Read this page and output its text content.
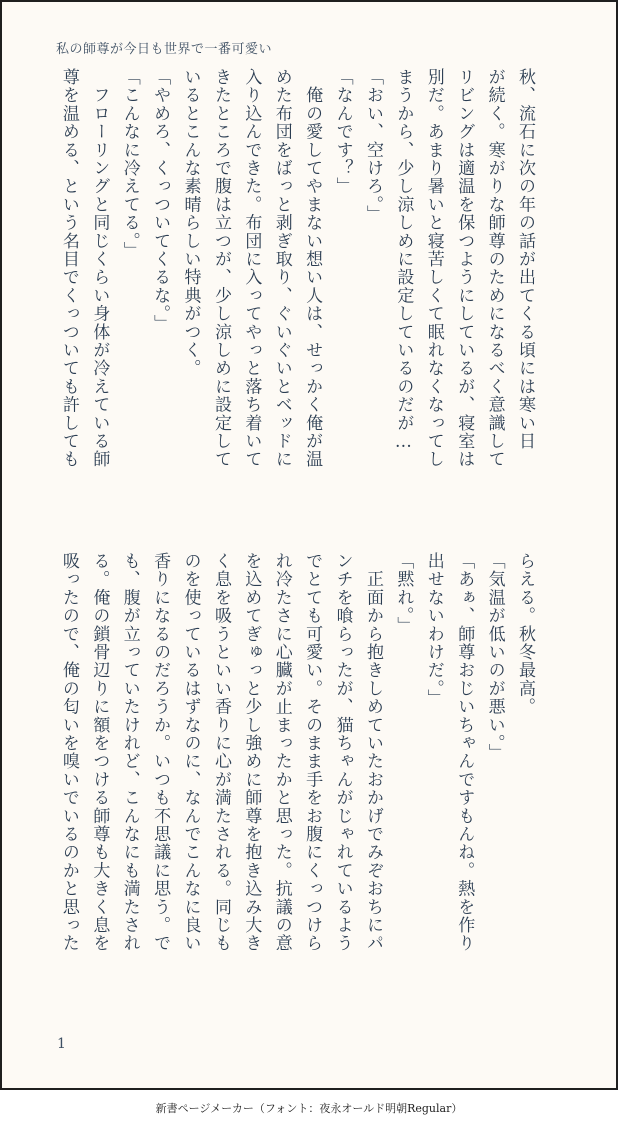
私の師尊が今日も世界で一番可愛い
秋、流石に次の年の話が出てくる頃には寒い日
が続く。寒がりな師尊のためになるべく意識して
リビングは適温を保つようにしているが、寝室は
別だ。あまり暑いと寝苦しくて眠れなくなってし
まうから、少し涼しめに設定しているのだが…
「おい、空けろ。」
「なんです？」
　俺の愛してやまない想い人は、せっかく俺が温
めた布団をばっと剥ぎ取り、ぐいぐいとベッドに
入り込んできた。布団に入ってやっと落ち着いて
きたところで腹は立つが、少し涼しめに設定して
いるとこんな素晴らしい特典がつく。
「やめろ、くっついてくるな。」
「こんなに冷えてる。」
　フローリングと同じくらい身体が冷えている師
尊を温める、という名目でくっついても許しても
らえる。秋冬最高。
「気温が低いのが悪い。」
「あぁ、師尊おじいちゃんですもんね。熱を作り
出せないわけだ。」
「黙れ。」
　正面から抱きしめていたおかげでみぞおちにパ
ンチを喰らったが、猫ちゃんがじゃれているよう
でとても可愛い。そのまま手をお腹にくっつけら
れ冷たさに心臓が止まったかと思った。抗議の意
を込めてぎゅっと少し強めに師尊を抱き込み大き
く息を吸うといい香りに心が満たされる。同じも
のを使っているはずなのに、なんでこんなに良い
香りになるのだろうか。いつも不思議に思う。で
も、腹が立っていたけれど、こんなにも満たされ
る。俺の鎖骨辺りに額をつける師尊も大きく息を
吸ったので、俺の匂いを嗅いでいるのかと思った
1
新書ページメーカー（フォント：夜永オールド明朝Regular）
